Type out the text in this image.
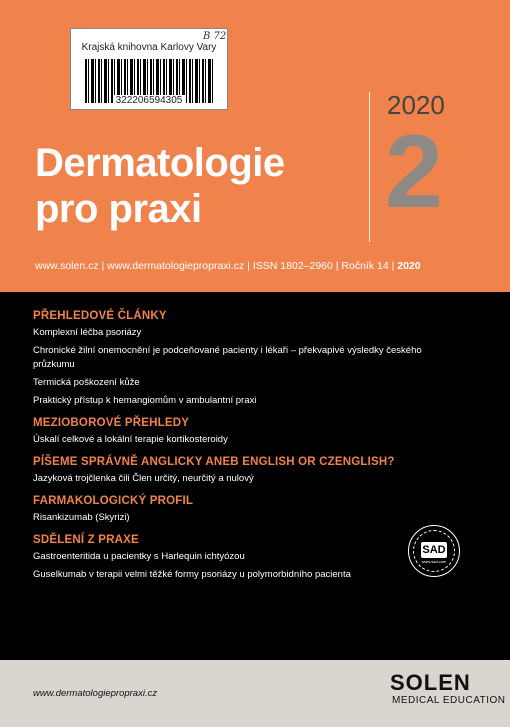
Krajská knihovna Karlovy Vary
322206594305
B 72
2020
2
Dermatologie
pro praxi
www.solen.cz | www.dermatologiepropraxi.cz | ISSN 1802–2960 | Ročník 14 | 2020
PŘEHLEDOVÉ ČLÁNKY
Komplexní léčba psoriázy
Chronické žilní onemocnění je podceňované pacienty i lékaři – překvapivé výsledky českého průzkumu
Termická poškození kůže
Praktický přístup k hemangiomům v ambulantní praxi
MEZIOBOROVÉ PŘEHLEDY
Úskalí celkové a lokální terapie kortikosteroidy
PÍŠEME SPRÁVNĚ ANGLICKY ANEB ENGLISH OR CZENGLISH?
Jazyková trojčlenka čili Člen určitý, neurčitý a nulový
FARMAKOLOGICKÝ PROFIL
Risankizumab (Skyrizi)
SDĚLENÍ Z PRAXE
Gastroenteritida u pacientky s Harlequin ichtyózou
Guselkumab v terapii velmi těžké formy psoriázy u polymorbidního pacienta
SAD
www.sad.com
www.dermatologiepropraxi.cz	SOLEN
MEDICAL EDUCATION
